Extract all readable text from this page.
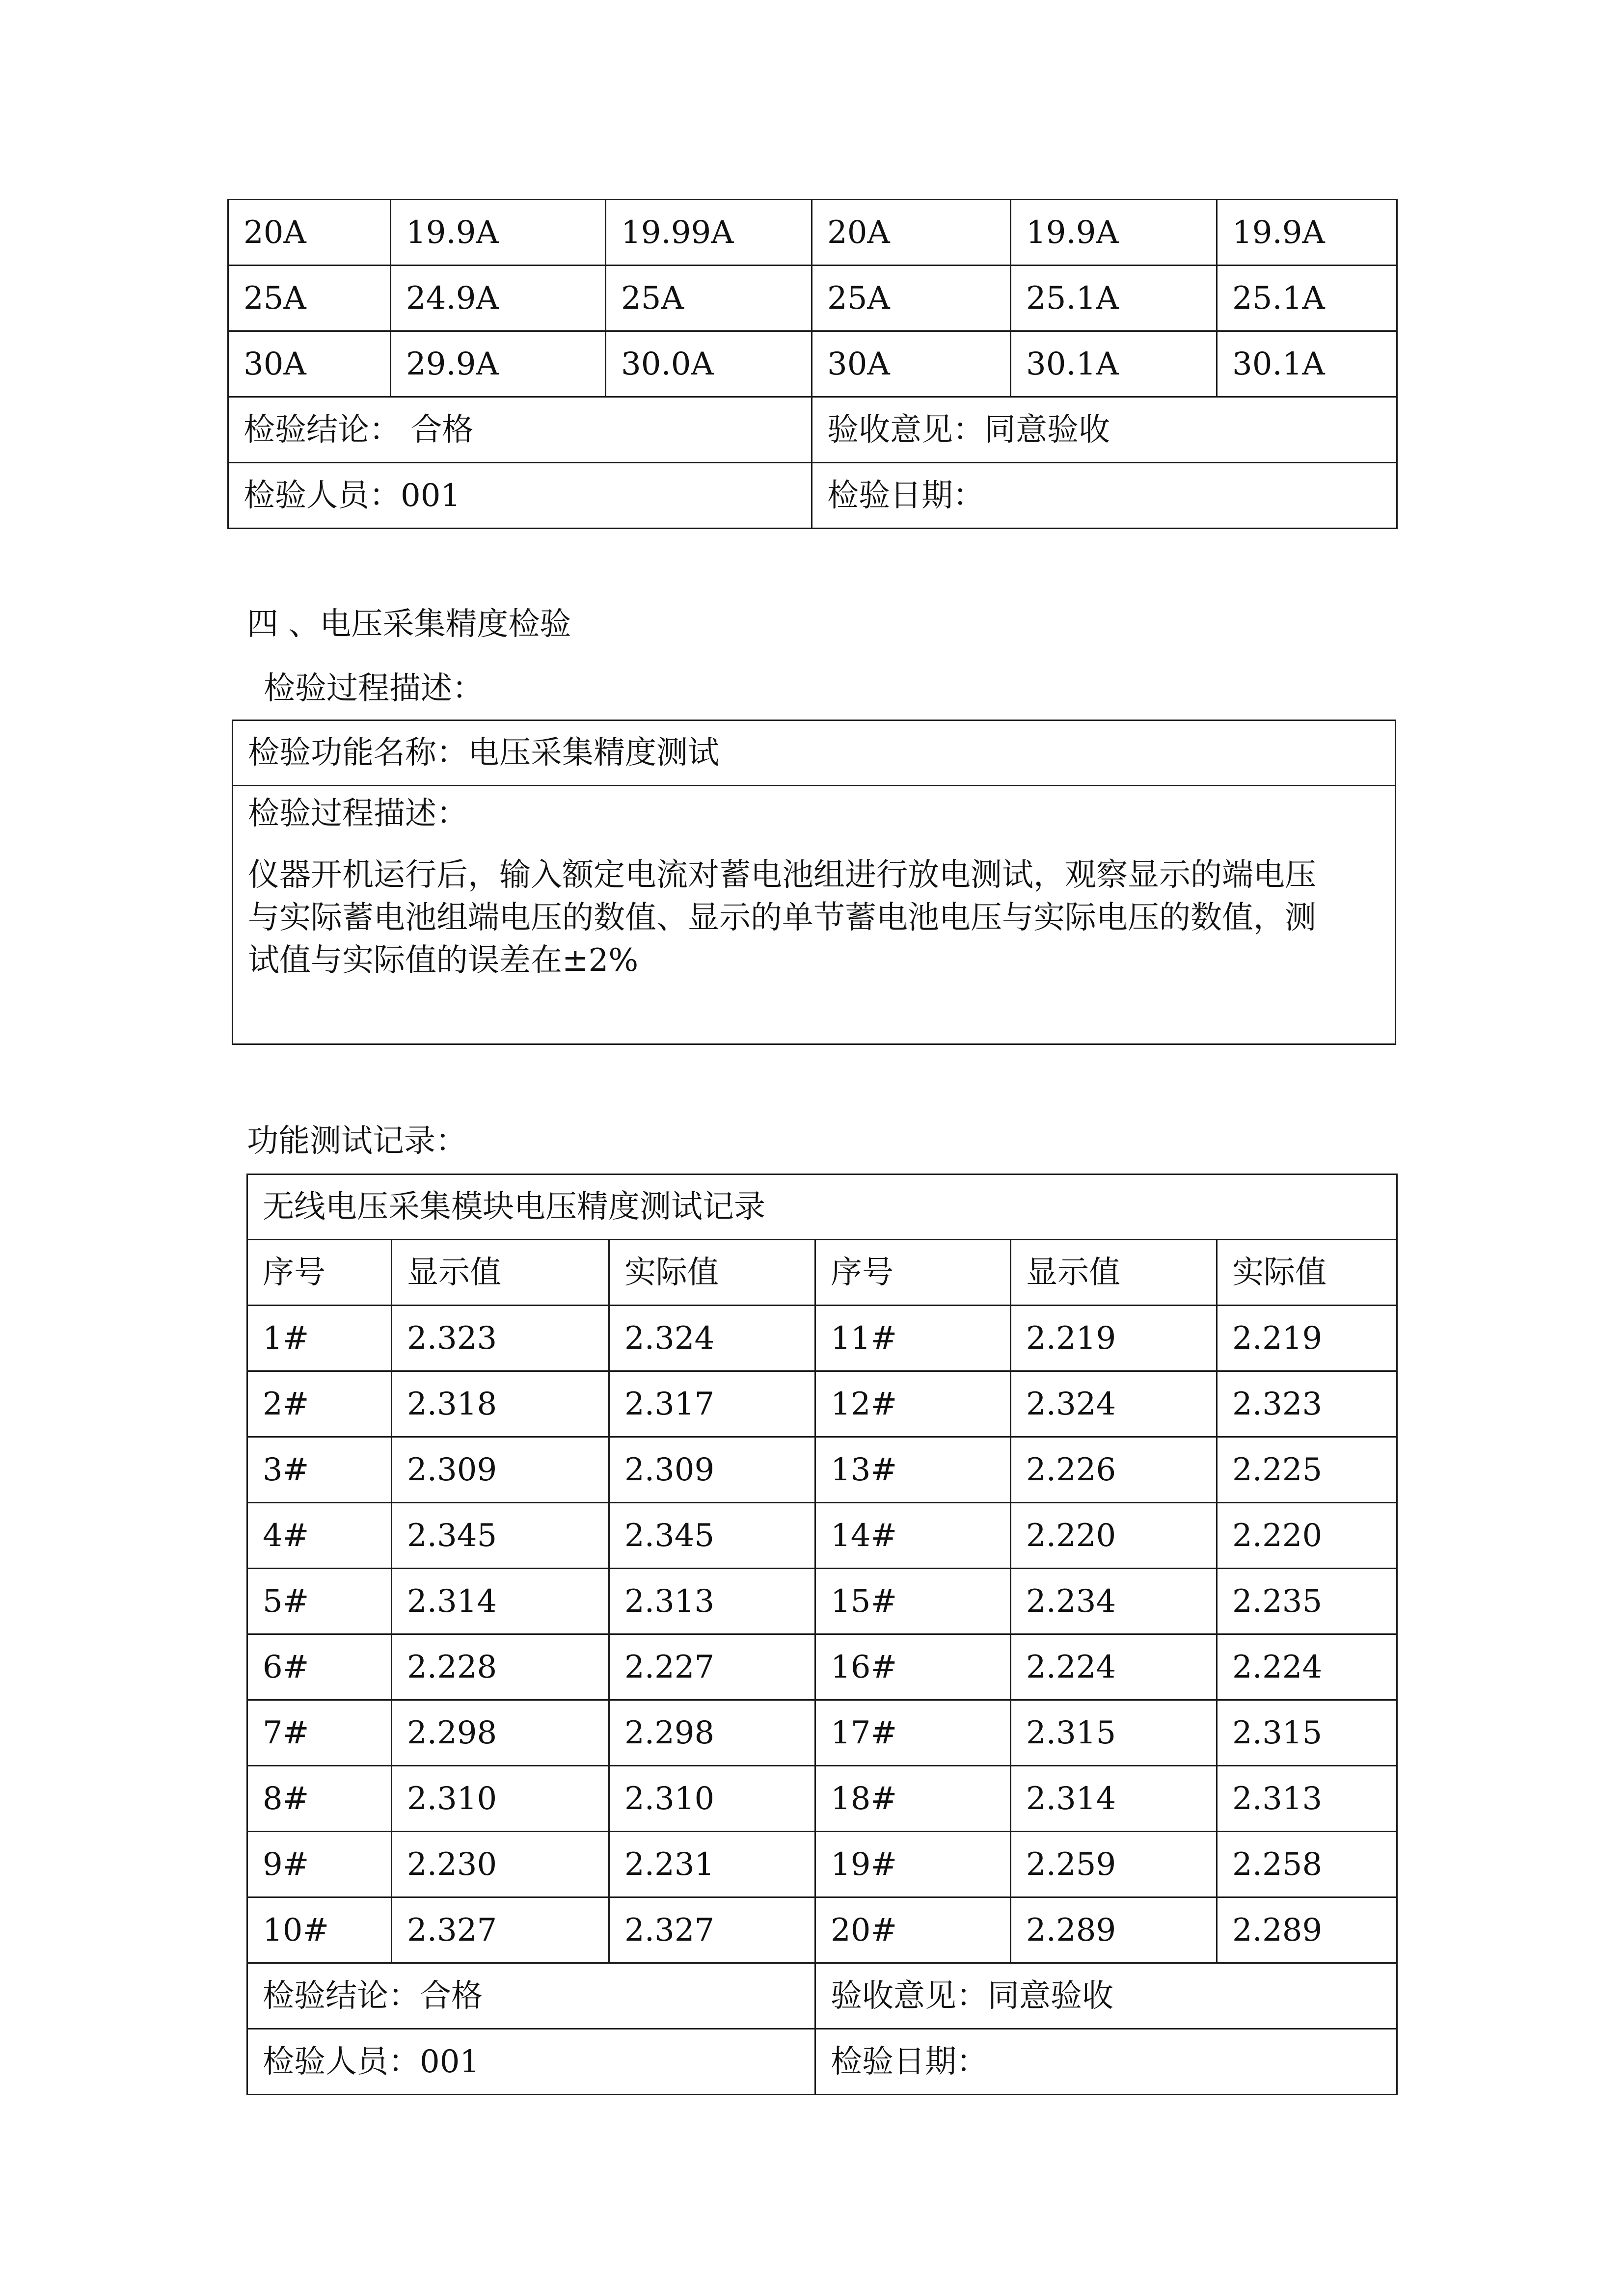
20A	19.9A	19.99A	20A	19.9A	19.9A
25A	24.9A	25A	25A	25.1A	25.1A
30A	29.9A	30.0A	30A	30.1A	30.1A
检验结论： 合格			验收意见：同意验收		
检验人员：001			检验日期：		
四 、电压采集精度检验
检验过程描述：
检验功能名称：电压采集精度测试

检验过程描述：
仪器开机运行后，输入额定电流对蓄电池组进行放电测试，观察显示的端电压
与实际蓄电池组端电压的数值、显示的单节蓄电池电压与实际电压的数值，测
试值与实际值的误差在±2%
功能测试记录：
无线电压采集模块电压精度测试记录					
序号	显示值	实际值	序号	显示值	实际值
1#	2.323	2.324	11#	2.219	2.219
2#	2.318	2.317	12#	2.324	2.323
3#	2.309	2.309	13#	2.226	2.225
4#	2.345	2.345	14#	2.220	2.220
5#	2.314	2.313	15#	2.234	2.235
6#	2.228	2.227	16#	2.224	2.224
7#	2.298	2.298	17#	2.315	2.315
8#	2.310	2.310	18#	2.314	2.313
9#	2.230	2.231	19#	2.259	2.258
10#	2.327	2.327	20#	2.289	2.289
检验结论：合格			验收意见：同意验收		
检验人员：001			检验日期：		
